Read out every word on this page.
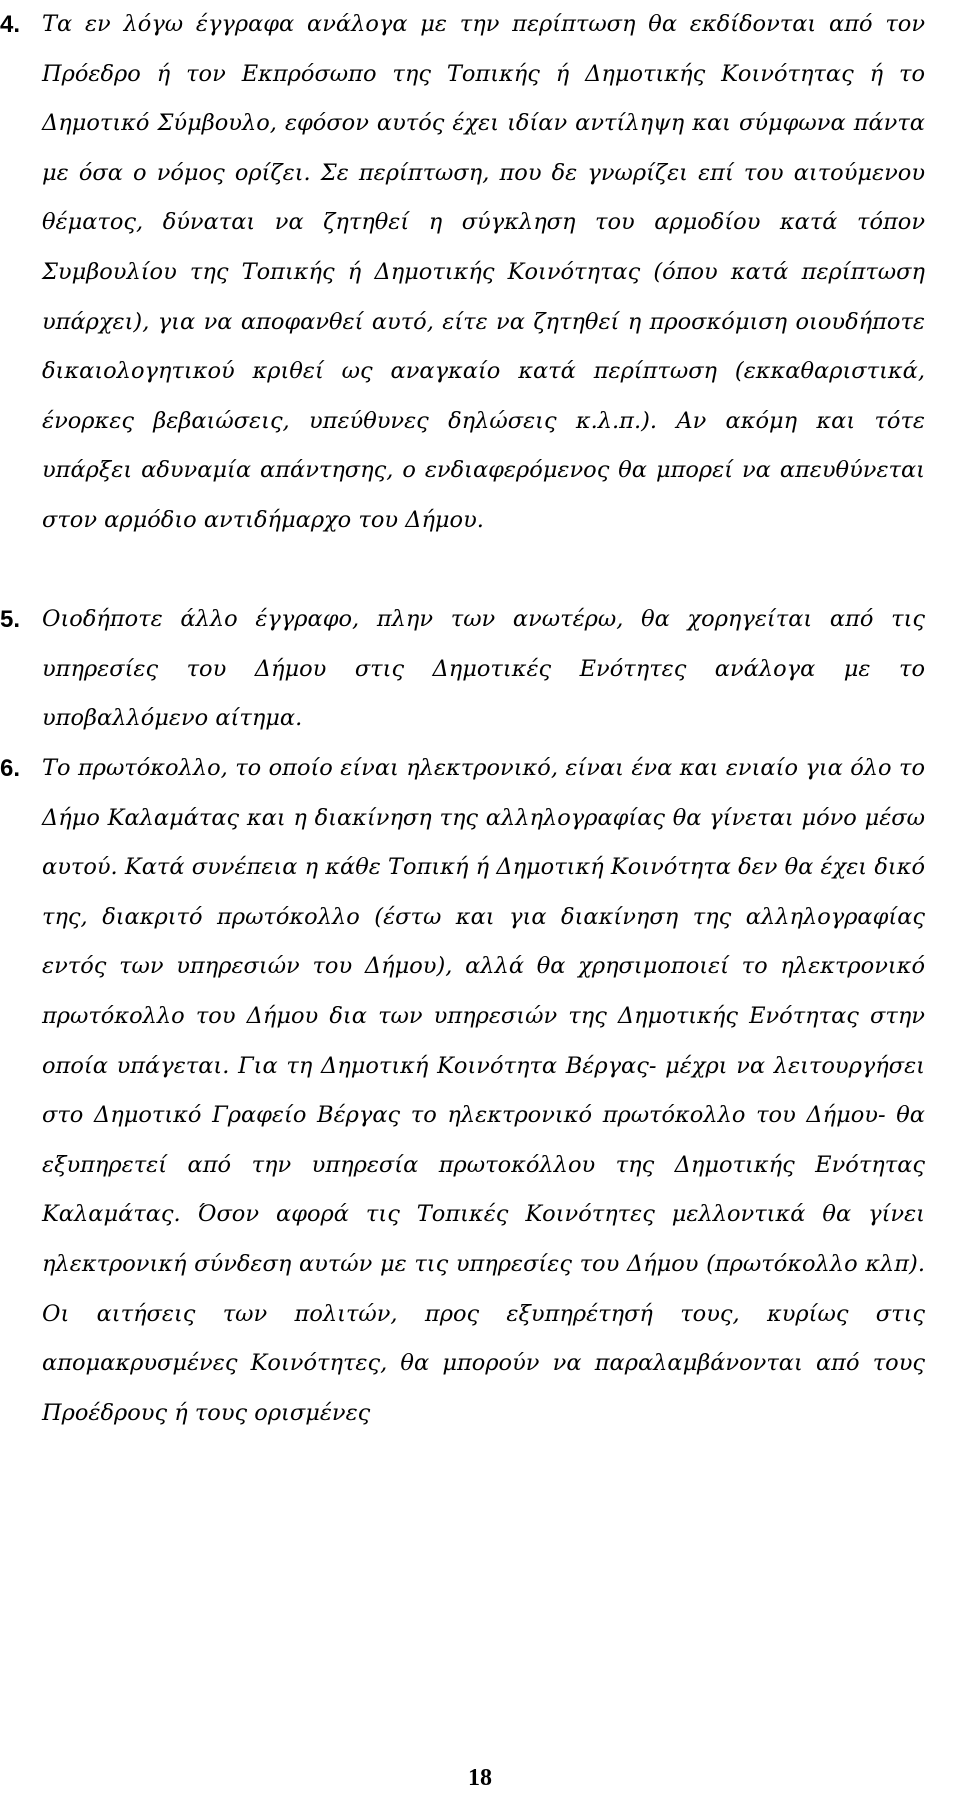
4. Τα εν λόγω έγγραφα ανάλογα με την περίπτωση θα εκδίδονται από τον Πρόεδρο ή τον Εκπρόσωπο της Τοπικής ή Δημοτικής Κοινότητας ή το Δημοτικό Σύμβουλο, εφόσον αυτός έχει ιδίαν αντίληψη και σύμφωνα πάντα με όσα ο νόμος ορίζει. Σε περίπτωση, που δε γνωρίζει επί του αιτούμενου θέματος, δύναται να ζητηθεί η σύγκληση του αρμοδίου κατά τόπον Συμβουλίου της Τοπικής ή Δημοτικής Κοινότητας (όπου κατά περίπτωση υπάρχει), για να αποφανθεί αυτό, είτε να ζητηθεί η προσκόμιση οιουδήποτε δικαιολογητικού κριθεί ως αναγκαίο κατά περίπτωση (εκκαθαριστικά, ένορκες βεβαιώσεις, υπεύθυνες δηλώσεις κ.λ.π.). Αν ακόμη και τότε υπάρξει αδυναμία απάντησης, ο ενδιαφερόμενος θα μπορεί να απευθύνεται στον αρμόδιο αντιδήμαρχο του Δήμου.

5. Οιοδήποτε άλλο έγγραφο, πλην των ανωτέρω, θα χορηγείται από τις υπηρεσίες του Δήμου στις Δημοτικές Ενότητες ανάλογα με το υποβαλλόμενο αίτημα.

6. Το πρωτόκολλο, το οποίο είναι ηλεκτρονικό, είναι ένα και ενιαίο για όλο το Δήμο Καλαμάτας και η διακίνηση της αλληλογραφίας θα γίνεται μόνο μέσω αυτού. Κατά συνέπεια η κάθε Τοπική ή Δημοτική Κοινότητα δεν θα έχει δικό της, διακριτό πρωτόκολλο (έστω και για διακίνηση της αλληλογραφίας εντός των υπηρεσιών του Δήμου), αλλά θα χρησιμοποιεί το ηλεκτρονικό πρωτόκολλο του Δήμου δια των υπηρεσιών της Δημοτικής Ενότητας στην οποία υπάγεται. Για τη Δημοτική Κοινότητα Βέργας- μέχρι να λειτουργήσει στο Δημοτικό Γραφείο Βέργας το ηλεκτρονικό πρωτόκολλο του Δήμου- θα εξυπηρετεί από την υπηρεσία πρωτοκόλλου της Δημοτικής Ενότητας Καλαμάτας. Όσον αφορά τις Τοπικές Κοινότητες μελλοντικά θα γίνει ηλεκτρονική σύνδεση αυτών με τις υπηρεσίες του Δήμου (πρωτόκολλο κλπ). Οι αιτήσεις των πολιτών, προς εξυπηρέτησή τους, κυρίως στις απομακρυσμένες Κοινότητες, θα μπορούν να παραλαμβάνονται από τους Προέδρους ή τους ορισμένες

18
